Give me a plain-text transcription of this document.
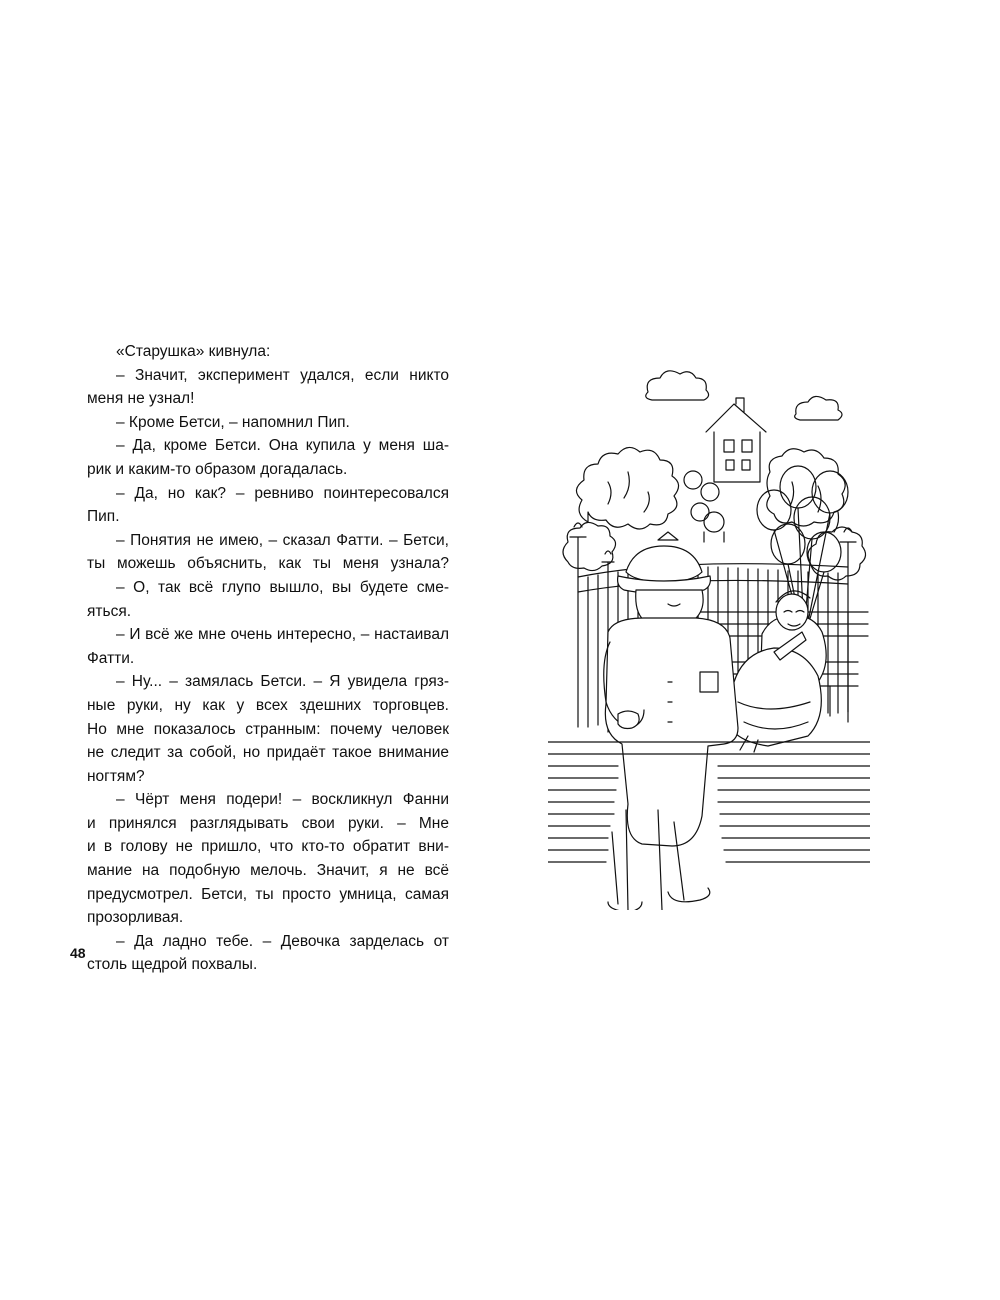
«Старушка» кивнула:

– Значит, эксперимент удался, если никто

меня не узнал!

– Кроме Бетси, – напомнил Пип.

– Да, кроме Бетси. Она купила у меня ша-

рик и каким-то образом догадалась.

– Да, но как? – ревниво поинтересовался

Пип.

– Понятия не имею, – сказал Фатти. – Бетси,

ты можешь объяснить, как ты меня узнала?

– О, так всё глупо вышло, вы будете сме-

яться.

– И всё же мне очень интересно, – настаивал

Фатти.

– Ну... – замялась Бетси. – Я увидела гряз-

ные руки, ну как у всех здешних торговцев.

Но мне показалось странным: почему человек

не следит за собой, но придаёт такое внимание

ногтям?

– Чёрт меня подери! – воскликнул Фанни

и принялся разглядывать свои руки. – Мне

и в голову не пришло, что кто-то обратит вни-

мание на подобную мелочь. Значит, я не всё

предусмотрел. Бетси, ты просто умница, самая

прозорливая.

– Да ладно тебе. – Девочка зарделась от

столь щедрой похвалы.

48
